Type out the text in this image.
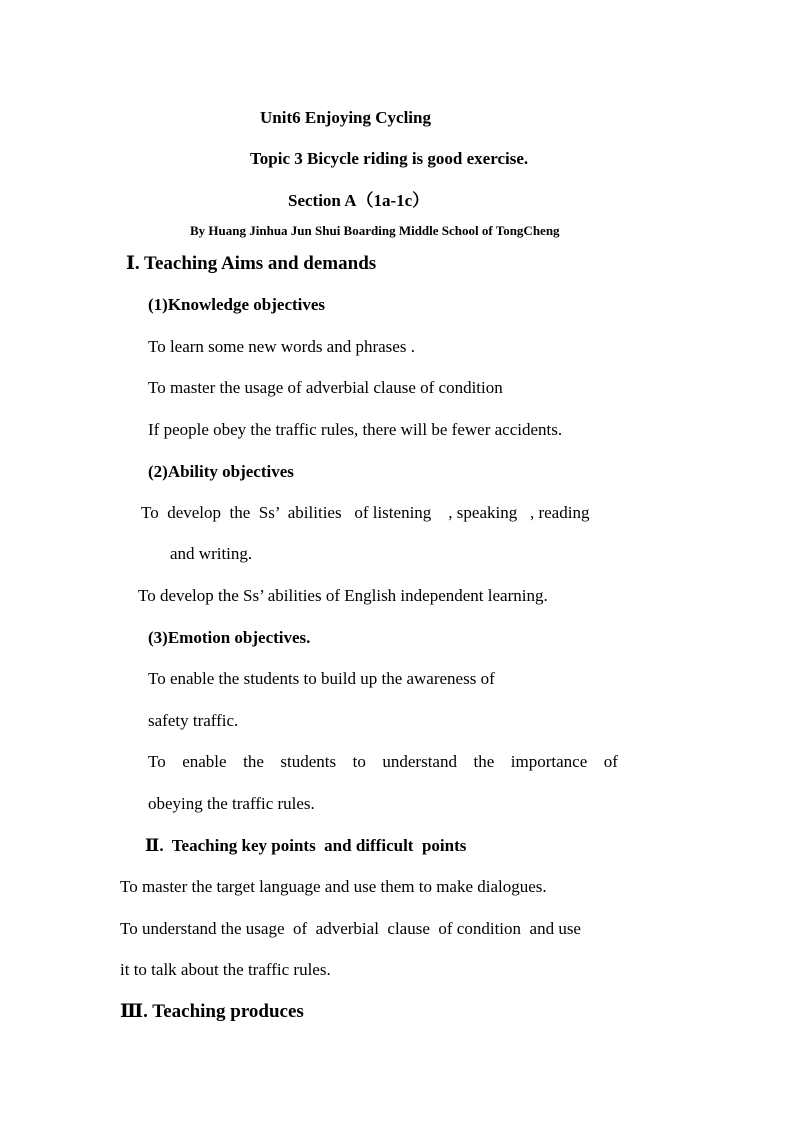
Unit6 Enjoying Cycling
Topic 3 Bicycle riding is good exercise.
Section A（1a-1c）
By Huang Jinhua Jun Shui Boarding Middle School of TongCheng
Ⅰ. Teaching Aims and demands
(1)Knowledge objectives
To learn some new words and phrases .
To master the usage of adverbial clause of condition
If people obey the traffic rules, there will be fewer accidents.
(2)Ability objectives
To  develop  the  Ss’  abilities   of listening    , speaking   , reading
and writing.
To develop the Ss’ abilities of English independent learning.
(3)Emotion objectives.
To enable the students to build up the awareness of
safety traffic.
To enable the students to understand the importance of
obeying the traffic rules.
Ⅱ.  Teaching key points  and difficult  points
To master the target language and use them to make dialogues.
To understand the usage  of  adverbial  clause  of condition  and use
it to talk about the traffic rules.
Ⅲ. Teaching produces
